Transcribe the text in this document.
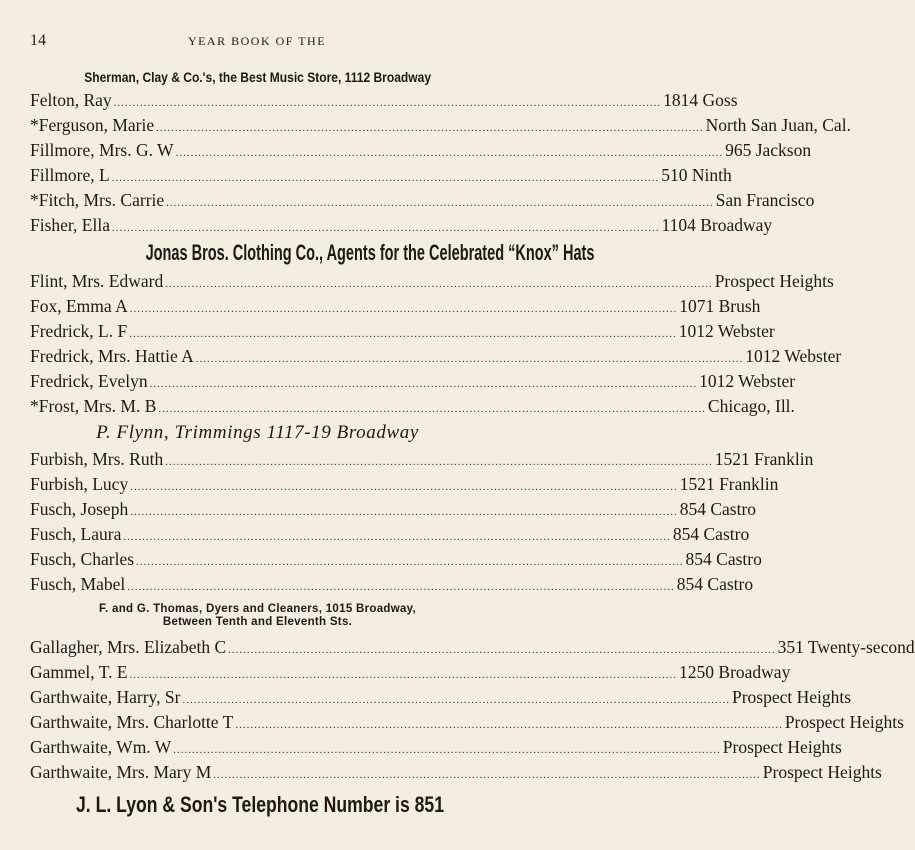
14	YEAR BOOK OF THE
Sherman, Clay & Co.'s, the Best Music Store, 1112 Broadway
Felton, Ray .....	1814 Goss
*Ferguson, Marie .....	North San Juan, Cal.
Fillmore, Mrs. G. W .....	965 Jackson
Fillmore, L .....	510 Ninth
*Fitch, Mrs. Carrie .....	San Francisco
Fisher, Ella .....	1104 Broadway
Jonas Bros. Clothing Co., Agents for the Celebrated “Knox” Hats
Flint, Mrs. Edward .....	Prospect Heights
Fox, Emma A .....	1071 Brush
Fredrick, L. F .....	1012 Webster
Fredrick, Mrs. Hattie A .....	1012 Webster
Fredrick, Evelyn .....	1012 Webster
*Frost, Mrs. M. B .....	Chicago, Ill.
P. Flynn, Trimmings 1117-19 Broadway
Furbish, Mrs. Ruth .....	1521 Franklin
Furbish, Lucy .....	1521 Franklin
Fusch, Joseph .....	854 Castro
Fusch, Laura .....	854 Castro
Fusch, Charles .....	854 Castro
Fusch, Mabel .....	854 Castro
F. and G. Thomas, Dyers and Cleaners, 1015 Broadway,
Between Tenth and Eleventh Sts.
Gallagher, Mrs. Elizabeth C .....	351 Twenty-second
Gammel, T. E .....	1250 Broadway
Garthwaite, Harry, Sr .....	Prospect Heights
Garthwaite, Mrs. Charlotte T .....	Prospect Heights
Garthwaite, Wm. W .....	Prospect Heights
Garthwaite, Mrs. Mary M .....	Prospect Heights
J. L. Lyon & Son's Telephone Number is 851
